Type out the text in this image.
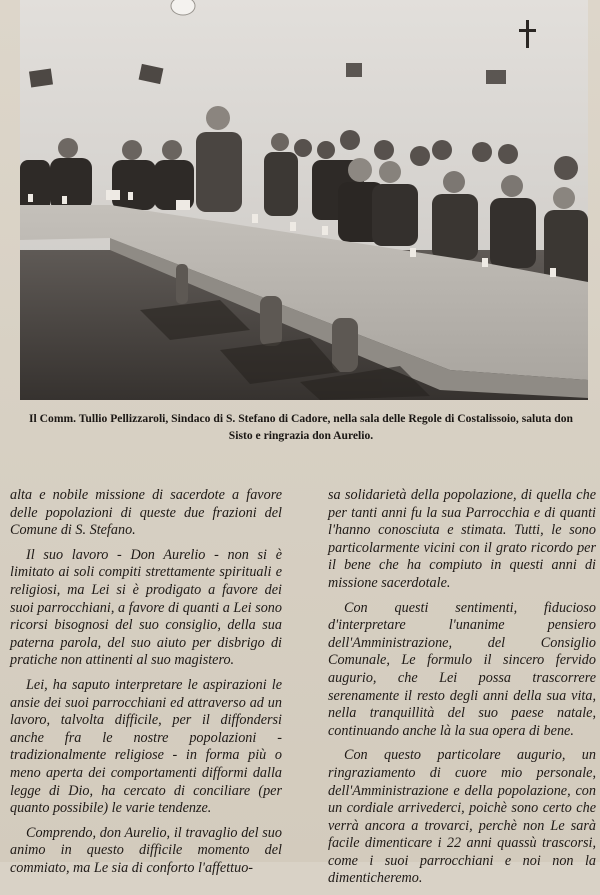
Il Comm. Tullio Pellizzaroli, Sindaco di S. Stefano di Cadore, nella sala delle Regole di Costalissoio, saluta don Sisto e ringrazia don Aurelio.

alta e nobile missione di sacerdote a favore delle popolazioni di queste due frazioni del Comune di S. Stefano.

Il suo lavoro - Don Aurelio - non si è limitato ai soli compiti strettamente spirituali e religiosi, ma Lei si è prodigato a favore dei suoi parrocchiani, a favore di quanti a Lei sono ricorsi bisognosi del suo consiglio, della sua paterna parola, del suo aiuto per disbrigo di pratiche non attinenti al suo magistero.

Lei, ha saputo interpretare le aspirazioni le ansie dei suoi parrocchiani ed attraverso ad un lavoro, talvolta difficile, per il diffondersi anche fra le nostre popolazioni - tradizionalmente religiose - in forma più o meno aperta dei comportamenti difformi dalla legge di Dio, ha cercato di conciliare (per quanto possibile) le varie tendenze.

Comprendo, don Aurelio, il travaglio del suo animo in questo difficile momento del commiato, ma Le sia di conforto l'affettuo-

sa solidarietà della popolazione, di quella che per tanti anni fu la sua Parrocchia e di quanti l'hanno conosciuta e stimata. Tutti, le sono particolarmente vicini con il grato ricordo per il bene che ha compiuto in questi anni di missione sacerdotale.

Con questi sentimenti, fiducioso d'interpretare l'unanime pensiero dell'Amministrazione, del Consiglio Comunale, Le formulo il sincero fervido augurio, che Lei possa trascorrere serenamente il resto degli anni della sua vita, nella tranquillità del suo paese natale, continuando anche là la sua opera di bene.

Con questo particolare augurio, un ringraziamento di cuore mio personale, dell'Amministrazione e della popolazione, con un cordiale arrivederci, poichè sono certo che verrà ancora a trovarci, perchè non Le sarà facile dimenticare i 22 anni quassù trascorsi, come i suoi parrocchiani e noi non la dimenticheremo.
